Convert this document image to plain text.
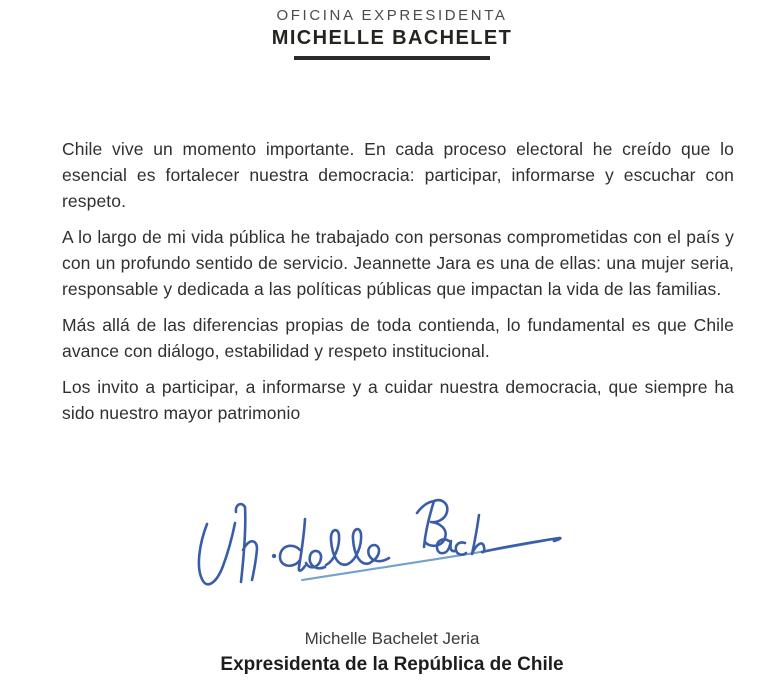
OFICINA EXPRESIDENTA
MICHELLE BACHELET

Chile vive un momento importante. En cada proceso electoral he creído que lo esencial es fortalecer nuestra democracia: participar, informarse y escuchar con respeto.

A lo largo de mi vida pública he trabajado con personas comprometidas con el país y con un profundo sentido de servicio. Jeannette Jara es una de ellas: una mujer seria, responsable y dedicada a las políticas públicas que impactan la vida de las familias.

Más allá de las diferencias propias de toda contienda, lo fundamental es que Chile avance con diálogo, estabilidad y respeto institucional.

Los invito a participar, a informarse y a cuidar nuestra democracia, que siempre ha sido nuestro mayor patrimonio

Michelle Bachelet Jeria
Expresidenta de la República de Chile
